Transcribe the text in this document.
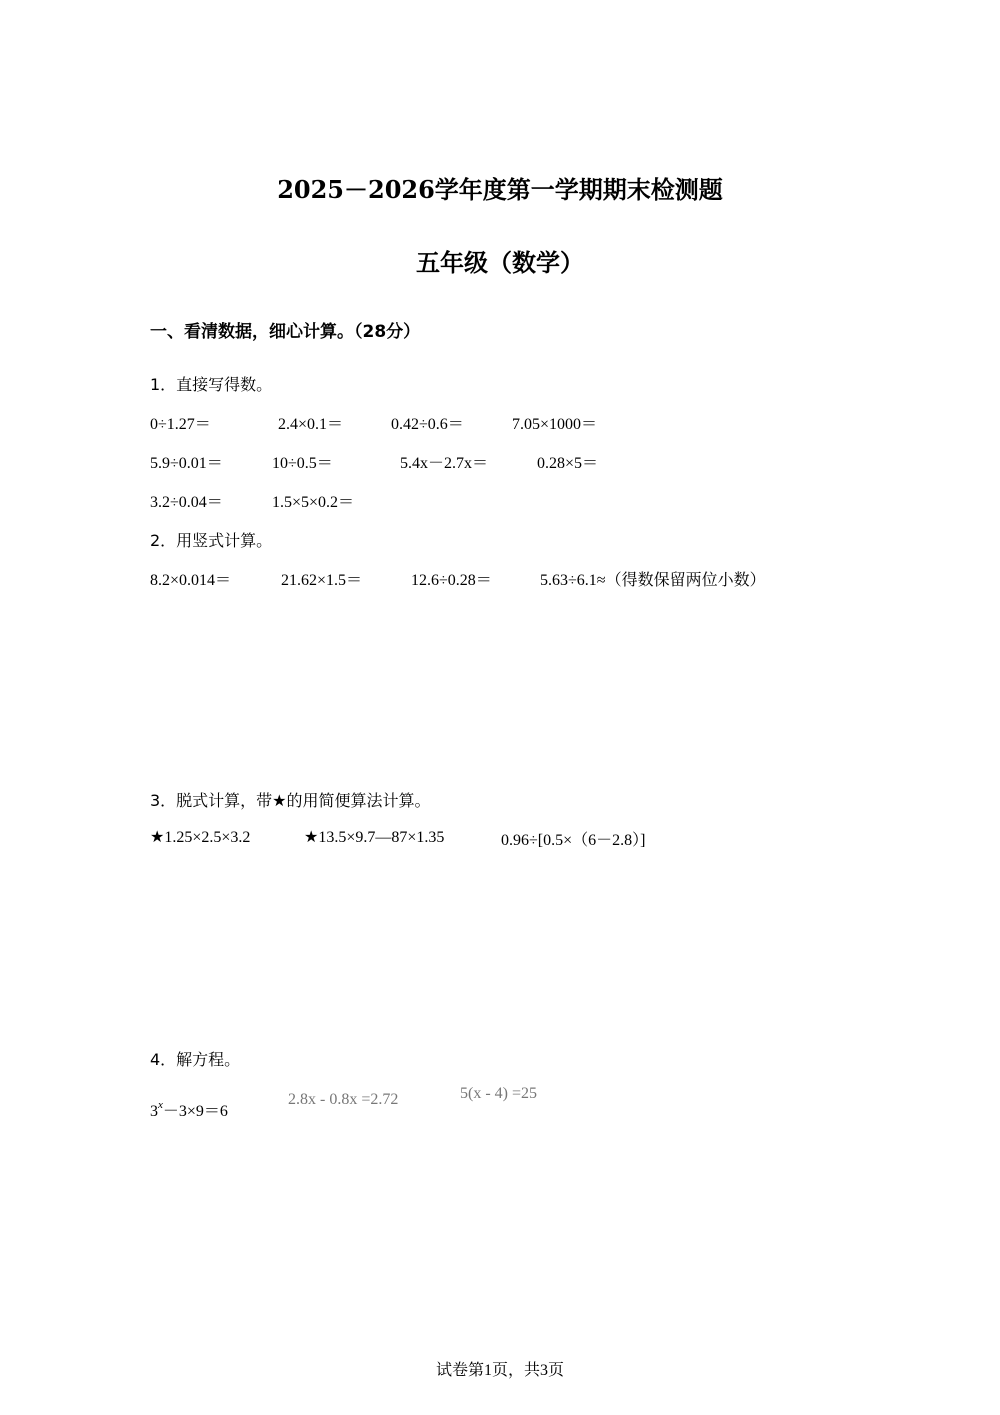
2025－2026学年度第一学期期末检测题
五年级（数学）
一、看清数据，细心计算。（28分）
1．直接写得数。
0÷1.27＝	2.4×0.1＝	0.42÷0.6＝	7.05×1000＝
5.9÷0.01＝	10÷0.5＝	5.4x－2.7x＝	0.28×5＝
3.2÷0.04＝	1.5×5×0.2＝
2．用竖式计算。
8.2×0.014＝	21.62×1.5＝	12.6÷0.28＝	5.63÷6.1≈（得数保留两位小数）
3．脱式计算，带★的用简便算法计算。
★1.25×2.5×3.2	★13.5×9.7—87×1.35	0.96÷[0.5×（6－2.8）]
4．解方程。
$3^x-3\times 9=6$
2.8x - 0.8x =2.72	5(x - 4) =25
试卷第1页，共3页
